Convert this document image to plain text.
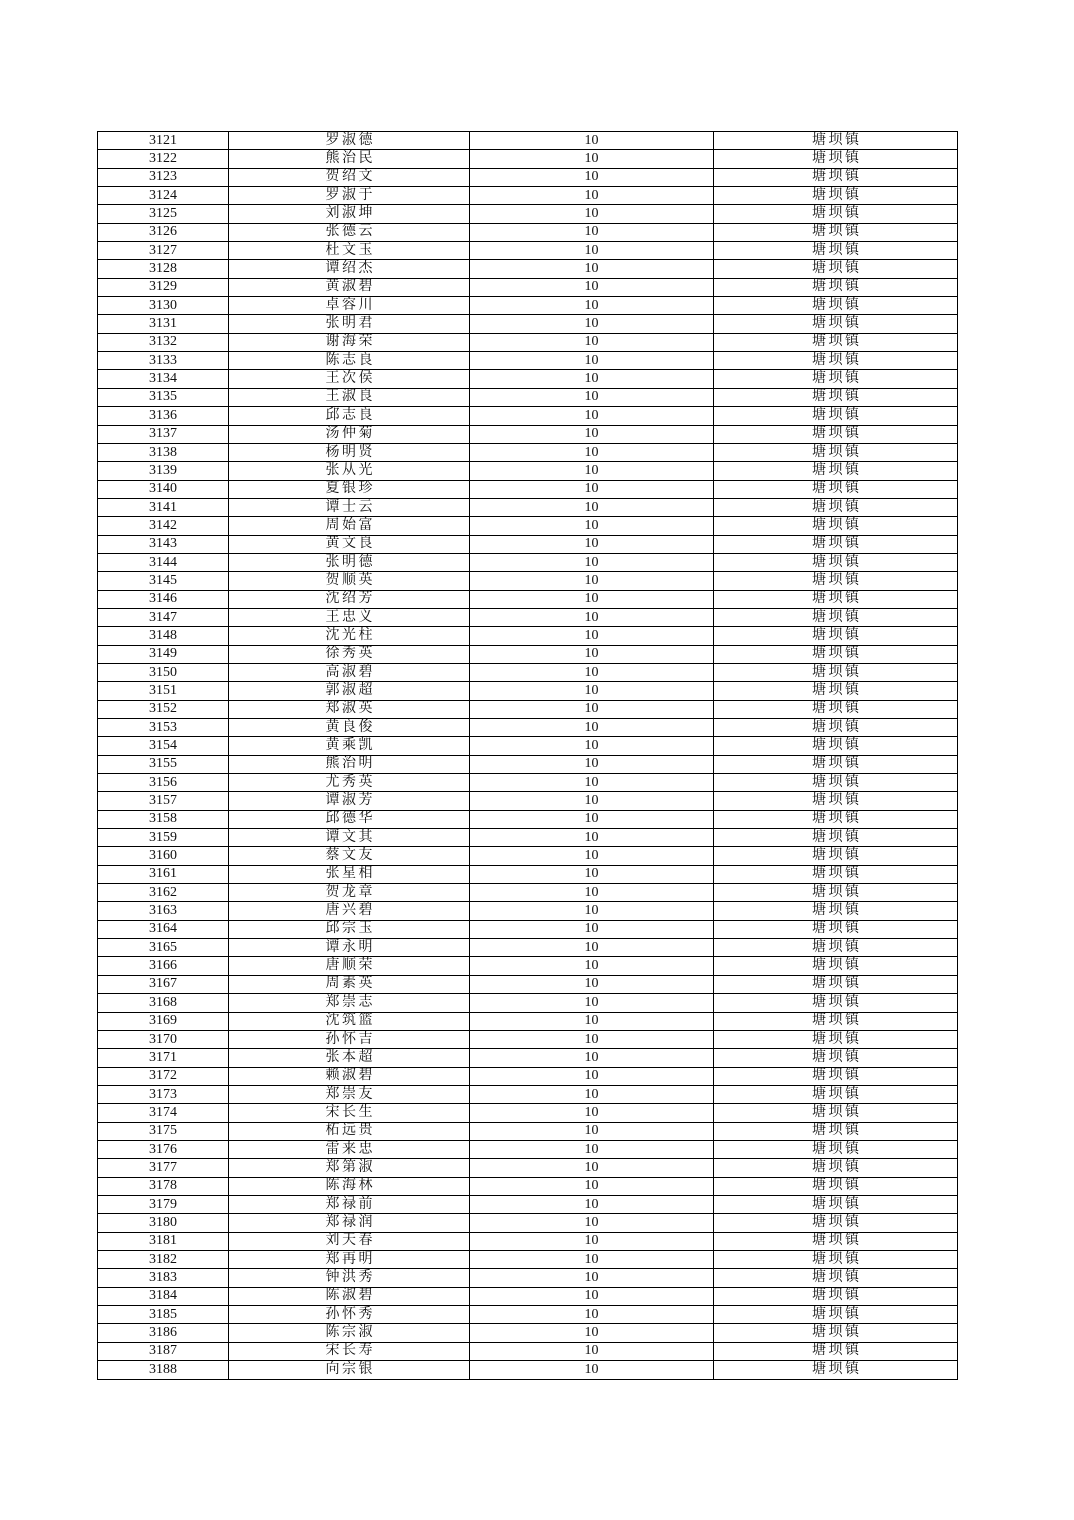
3121	罗淑德	10	塘坝镇
3122	熊治民	10	塘坝镇
3123	贺绍文	10	塘坝镇
3124	罗淑于	10	塘坝镇
3125	刘淑坤	10	塘坝镇
3126	张德云	10	塘坝镇
3127	杜文玉	10	塘坝镇
3128	谭绍杰	10	塘坝镇
3129	黄淑碧	10	塘坝镇
3130	卓容川	10	塘坝镇
3131	张明君	10	塘坝镇
3132	谢海荣	10	塘坝镇
3133	陈志良	10	塘坝镇
3134	王次侯	10	塘坝镇
3135	王淑良	10	塘坝镇
3136	邱志良	10	塘坝镇
3137	汤仲菊	10	塘坝镇
3138	杨明贤	10	塘坝镇
3139	张从光	10	塘坝镇
3140	夏银珍	10	塘坝镇
3141	谭士云	10	塘坝镇
3142	周始富	10	塘坝镇
3143	黄文良	10	塘坝镇
3144	张明德	10	塘坝镇
3145	贺顺英	10	塘坝镇
3146	沈绍芳	10	塘坝镇
3147	王忠义	10	塘坝镇
3148	沈光柱	10	塘坝镇
3149	徐秀英	10	塘坝镇
3150	高淑碧	10	塘坝镇
3151	郭淑超	10	塘坝镇
3152	郑淑英	10	塘坝镇
3153	黄良俊	10	塘坝镇
3154	黄乘凯	10	塘坝镇
3155	熊治明	10	塘坝镇
3156	尤秀英	10	塘坝镇
3157	谭淑芳	10	塘坝镇
3158	邱德华	10	塘坝镇
3159	谭文其	10	塘坝镇
3160	蔡文友	10	塘坝镇
3161	张星相	10	塘坝镇
3162	贺龙章	10	塘坝镇
3163	唐兴碧	10	塘坝镇
3164	邱宗玉	10	塘坝镇
3165	谭永明	10	塘坝镇
3166	唐顺荣	10	塘坝镇
3167	周素英	10	塘坝镇
3168	郑崇志	10	塘坝镇
3169	沈筑篮	10	塘坝镇
3170	孙怀吉	10	塘坝镇
3171	张本超	10	塘坝镇
3172	赖淑碧	10	塘坝镇
3173	郑崇友	10	塘坝镇
3174	宋长生	10	塘坝镇
3175	柘远贵	10	塘坝镇
3176	雷来忠	10	塘坝镇
3177	郑第淑	10	塘坝镇
3178	陈海林	10	塘坝镇
3179	郑禄前	10	塘坝镇
3180	郑禄润	10	塘坝镇
3181	刘天春	10	塘坝镇
3182	郑再明	10	塘坝镇
3183	钟洪秀	10	塘坝镇
3184	陈淑碧	10	塘坝镇
3185	孙怀秀	10	塘坝镇
3186	陈宗淑	10	塘坝镇
3187	宋长寿	10	塘坝镇
3188	向宗银	10	塘坝镇
